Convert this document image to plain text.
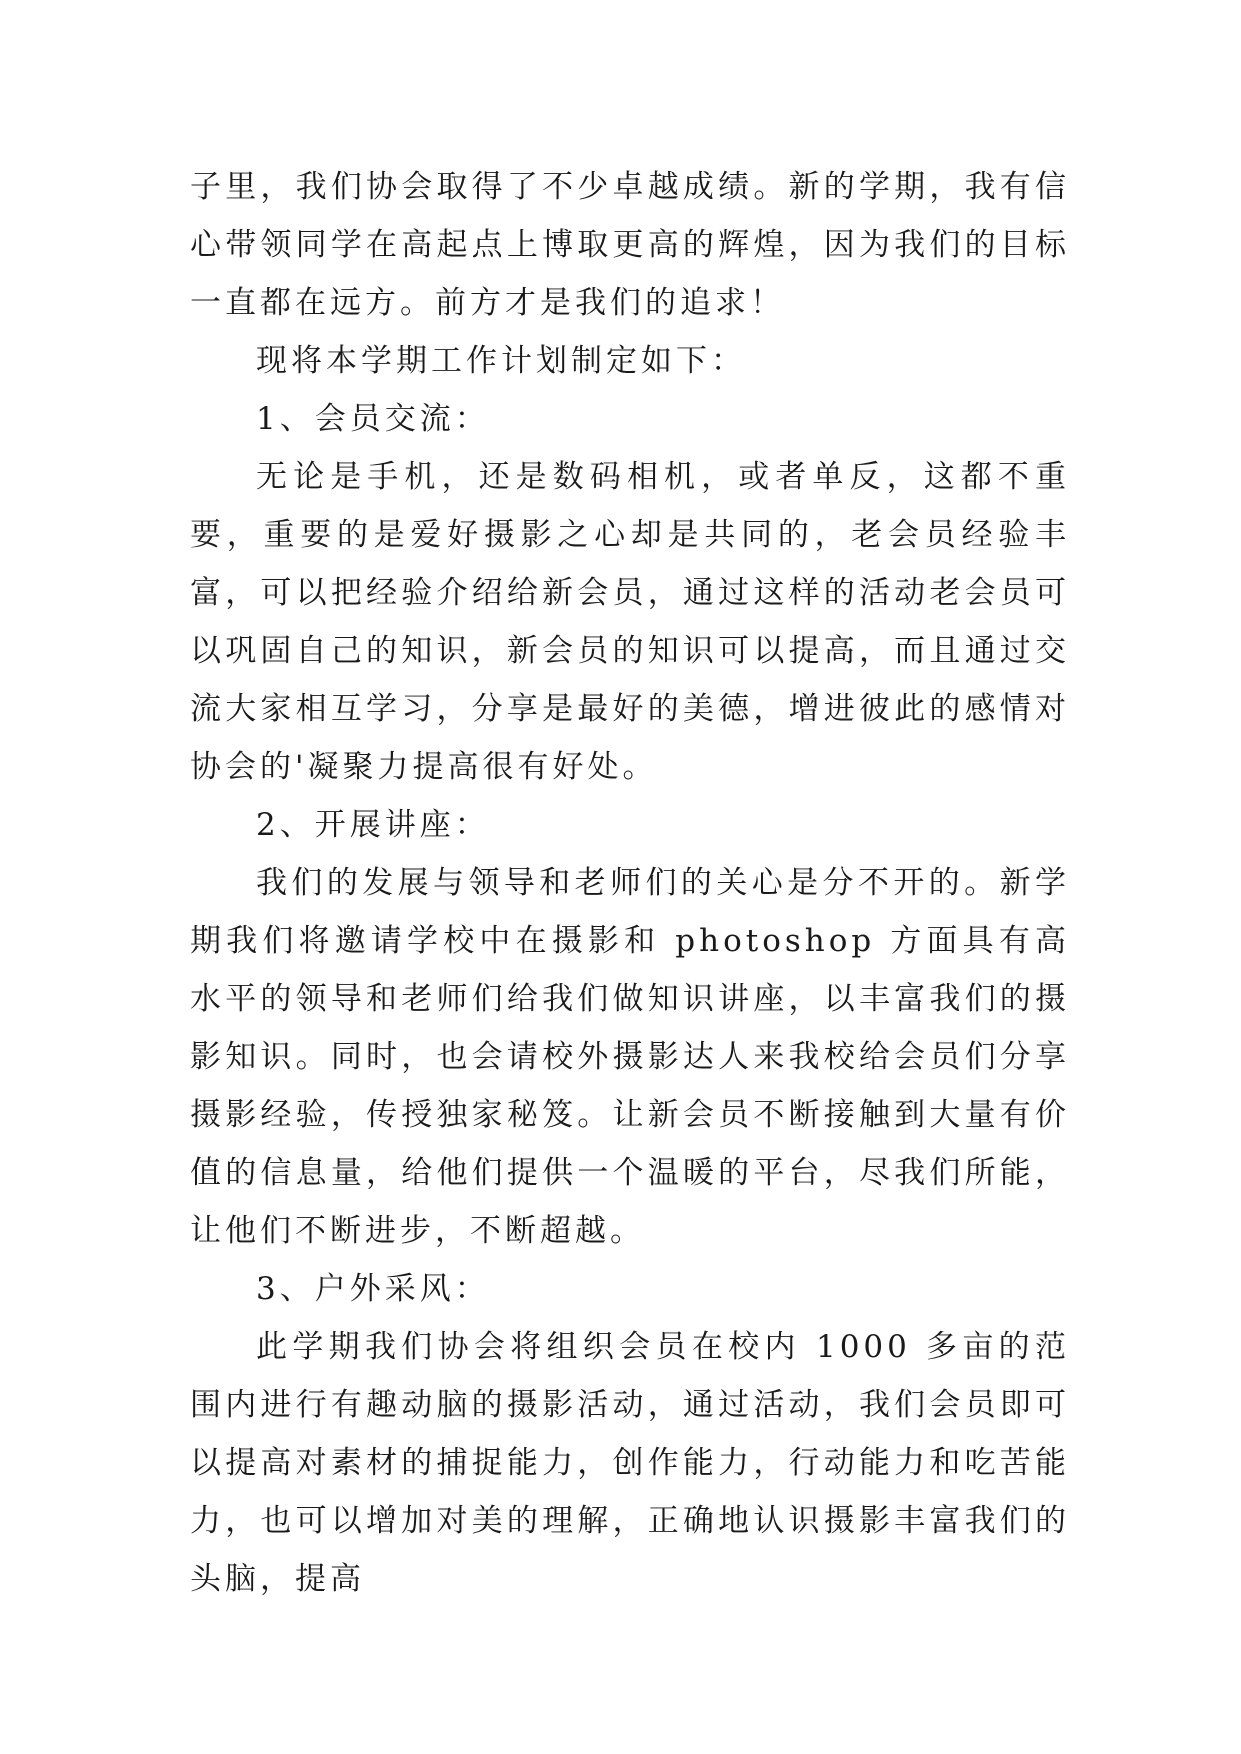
子里，我们协会取得了不少卓越成绩。新的学期，我有信心带领同学在高起点上博取更高的辉煌，因为我们的目标一直都在远方。前方才是我们的追求！

现将本学期工作计划制定如下：

1、会员交流：

无论是手机，还是数码相机，或者单反，这都不重要，重要的是爱好摄影之心却是共同的，老会员经验丰富，可以把经验介绍给新会员，通过这样的活动老会员可以巩固自己的知识，新会员的知识可以提高，而且通过交流大家相互学习，分享是最好的美德，增进彼此的感情对协会的'凝聚力提高很有好处。

2、开展讲座：

我们的发展与领导和老师们的关心是分不开的。新学期我们将邀请学校中在摄影和 photoshop 方面具有高水平的领导和老师们给我们做知识讲座，以丰富我们的摄影知识。同时，也会请校外摄影达人来我校给会员们分享摄影经验，传授独家秘笈。让新会员不断接触到大量有价值的信息量，给他们提供一个温暖的平台，尽我们所能，让他们不断进步，不断超越。

3、户外采风：

此学期我们协会将组织会员在校内 1000 多亩的范围内进行有趣动脑的摄影活动，通过活动，我们会员即可以提高对素材的捕捉能力，创作能力，行动能力和吃苦能力，也可以增加对美的理解，正确地认识摄影丰富我们的头脑，提高
